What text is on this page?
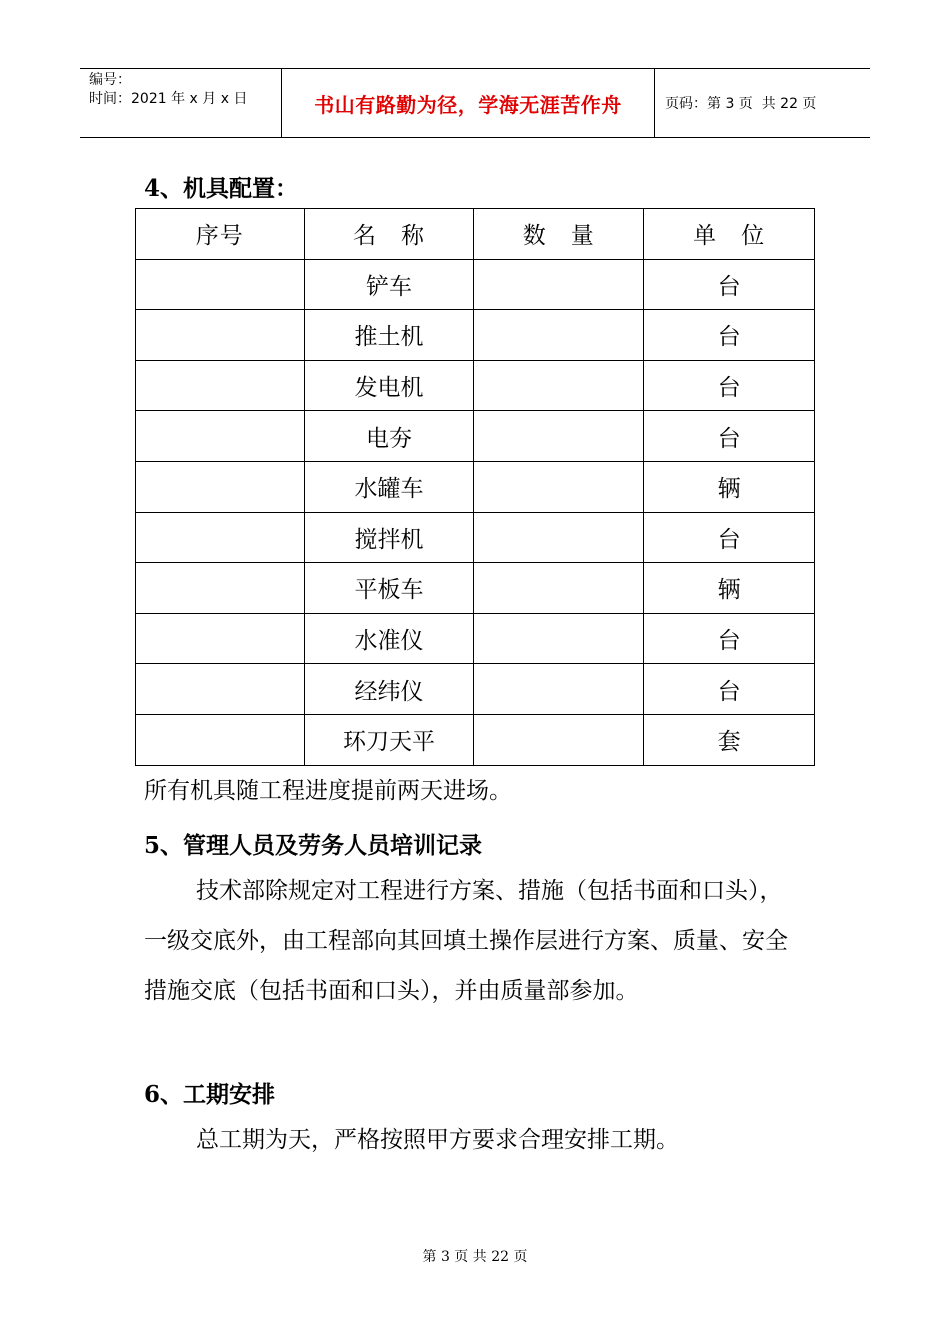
编号：
时间：2021 年 x 月 x 日	书山有路勤为径，学海无涯苦作舟	页码：第 3 页  共 22 页
4、机具配置：
序号	名　称	数　量	单　位
	铲车		台
	推土机		台
	发电机		台
	电夯		台
	水罐车		辆
	搅拌机		台
	平板车		辆
	水准仪		台
	经纬仪		台
	环刀天平		套
所有机具随工程进度提前两天进场。
5、管理人员及劳务人员培训记录
技术部除规定对工程进行方案、措施（包括书面和口头），一级交底外，由工程部向其回填土操作层进行方案、质量、安全措施交底（包括书面和口头），并由质量部参加。
6、工期安排
总工期为天，严格按照甲方要求合理安排工期。
第 3 页 共 22 页
